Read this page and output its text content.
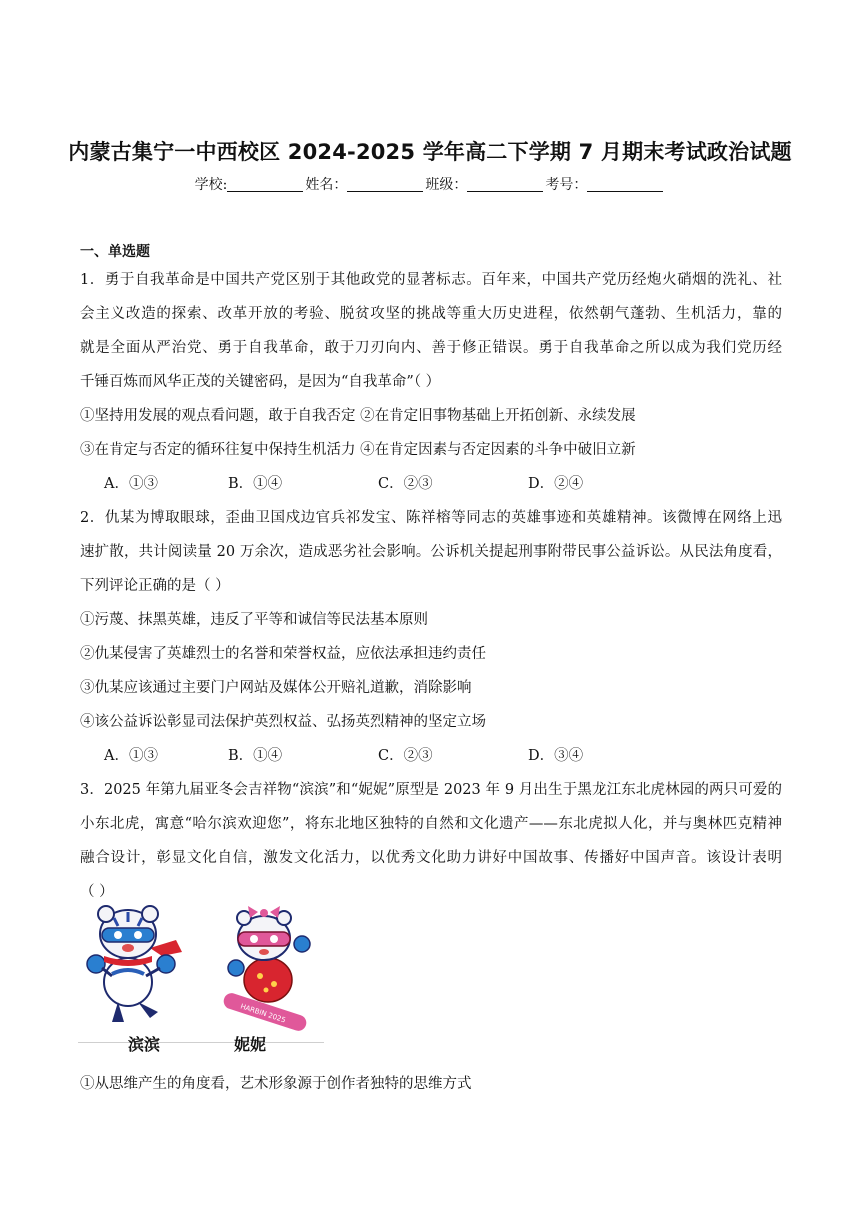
内蒙古集宁一中西校区 2024-2025 学年高二下学期 7 月期末考试政治试题
学校:	姓名：	班级：	考号：
一、单选题
1．勇于自我革命是中国共产党区别于其他政党的显著标志。百年来，中国共产党历经炮火硝烟的洗礼、社
会主义改造的探索、改革开放的考验、脱贫攻坚的挑战等重大历史进程，依然朝气蓬勃、生机活力，靠的
就是全面从严治党、勇于自我革命，敢于刀刃向内、善于修正错误。勇于自我革命之所以成为我们党历经
千锤百炼而风华正茂的关键密码，是因为“自我革命”（ ）
①坚持用发展的观点看问题，敢于自我否定 ②在肯定旧事物基础上开拓创新、永续发展
③在肯定与否定的循环往复中保持生机活力 ④在肯定因素与否定因素的斗争中破旧立新
A．①③	B．①④	C．②③	D．②④
2．仇某为博取眼球，歪曲卫国戍边官兵祁发宝、陈祥榕等同志的英雄事迹和英雄精神。该微博在网络上迅
速扩散，共计阅读量 20 万余次，造成恶劣社会影响。公诉机关提起刑事附带民事公益诉讼。从民法角度看，
下列评论正确的是（ ）
①污蔑、抹黑英雄，违反了平等和诚信等民法基本原则
②仇某侵害了英雄烈士的名誉和荣誉权益，应依法承担违约责任
③仇某应该通过主要门户网站及媒体公开赔礼道歉，消除影响
④该公益诉讼彰显司法保护英烈权益、弘扬英烈精神的坚定立场
A．①③	B．①④	C．②③	D．③④
3．2025 年第九届亚冬会吉祥物“滨滨”和“妮妮”原型是 2023 年 9 月出生于黑龙江东北虎林园的两只可爱的
小东北虎，寓意“哈尔滨欢迎您”，将东北地区独特的自然和文化遗产——东北虎拟人化，并与奥林匹克精神
融合设计，彰显文化自信，激发文化活力，以优秀文化助力讲好中国故事、传播好中国声音。该设计表明
（ ）
HARBIN 2025
滨滨	妮妮
①从思维产生的角度看，艺术形象源于创作者独特的思维方式
